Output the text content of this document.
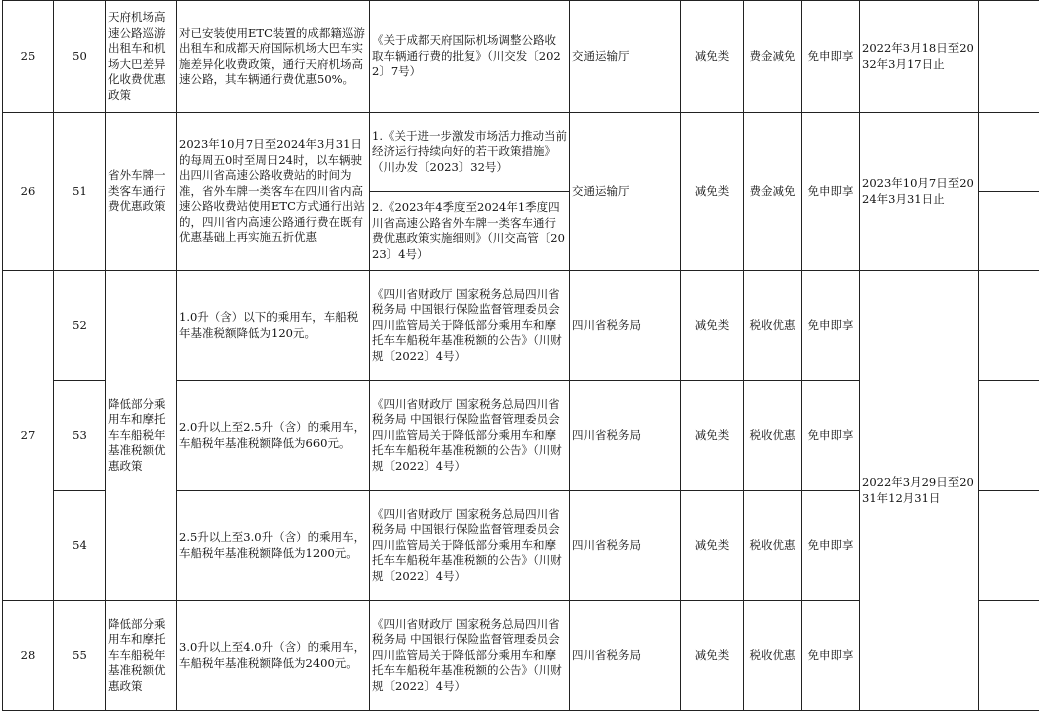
25	50	天府机场高速公路巡游出租车和机场大巴差异化收费优惠政策	对已安装使用ETC装置的成都籍巡游出租车和成都天府国际机场大巴车实施差异化收费政策，通行天府机场高速公路，其车辆通行费优惠50%。	《关于成都天府国际机场调整公路收取车辆通行费的批复》（川交发〔2022〕7号）	交通运输厅	减免类	费金减免	免申即享	2022年3月18日至2032年3月17日止	
26	51	省外车牌一类客车通行费优惠政策	2023年10月7日至2024年3月31日的每周五0时至周日24时，以车辆驶出四川省高速公路收费站的时间为准，省外车牌一类客车在四川省内高速公路收费站使用ETC方式通行出站的，四川省内高速公路通行费在既有优惠基础上再实施五折优惠	1.《关于进一步激发市场活力推动当前经济运行持续向好的若干政策措施》（川办发〔2023〕32号）	交通运输厅	减免类	费金减免	免申即享	2023年10月7日至2024年3月31日止	
				2.《2023年4季度至2024年1季度四川省高速公路省外车牌一类客车通行费优惠政策实施细则》（川交高管〔2023〕4号）						
27	52	降低部分乘用车和摩托车车船税年基准税额优惠政策	1.0升（含）以下的乘用车，车船税年基准税额降低为120元。	《四川省财政厅 国家税务总局四川省税务局 中国银行保险监督管理委员会四川监管局关于降低部分乘用车和摩托车车船税年基准税额的公告》（川财规〔2022〕4号）	四川省税务局	减免类	税收优惠	免申即享	2022年3月29日至2031年12月31日	
	53		2.0升以上至2.5升（含）的乘用车，车船税年基准税额降低为660元。	《四川省财政厅 国家税务总局四川省税务局 中国银行保险监督管理委员会四川监管局关于降低部分乘用车和摩托车车船税年基准税额的公告》（川财规〔2022〕4号）	四川省税务局	减免类	税收优惠	免申即享		
	54		2.5升以上至3.0升（含）的乘用车，车船税年基准税额降低为1200元。	《四川省财政厅 国家税务总局四川省税务局 中国银行保险监督管理委员会四川监管局关于降低部分乘用车和摩托车车船税年基准税额的公告》（川财规〔2022〕4号）	四川省税务局	减免类	税收优惠	免申即享		
28	55	降低部分乘用车和摩托车车船税年基准税额优惠政策	3.0升以上至4.0升（含）的乘用车，车船税年基准税额降低为2400元。	《四川省财政厅 国家税务总局四川省税务局 中国银行保险监督管理委员会四川监管局关于降低部分乘用车和摩托车车船税年基准税额的公告》（川财规〔2022〕4号）	四川省税务局	减免类	税收优惠	免申即享		
